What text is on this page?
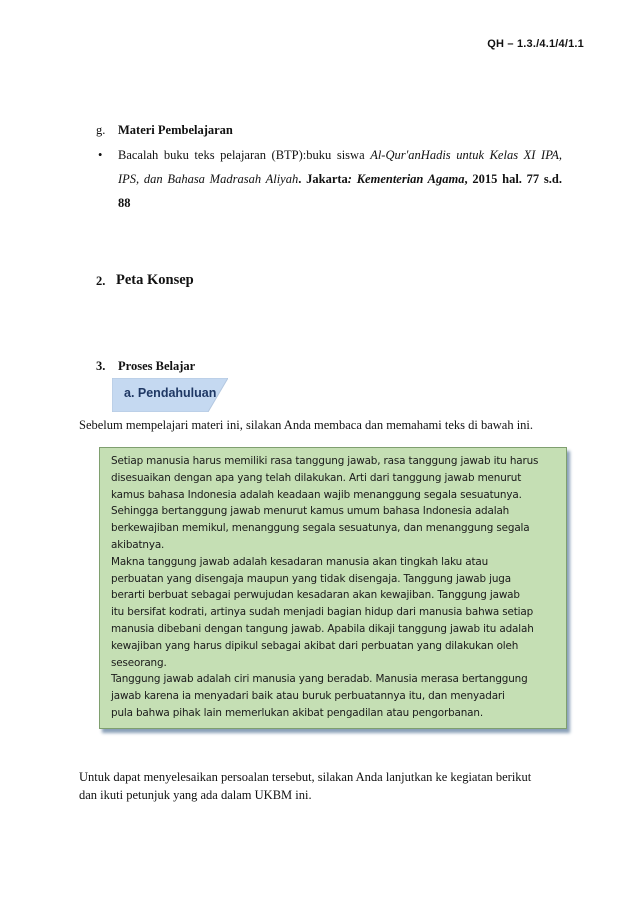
QH – 1.3./4.1/4/1.1
g. Materi Pembelajaran
• Bacalah buku teks pelajaran (BTP):buku siswa Al-Qur'anHadis untuk Kelas XI IPA,
IPS, dan Bahasa Madrasah Aliyah. Jakarta: Kementerian Agama, 2015 hal. 77 s.d.
88
2. Peta Konsep
3. Proses Belajar
a. Pendahuluan
Sebelum mempelajari materi ini, silakan Anda membaca dan memahami teks di bawah ini.
Setiap manusia harus memiliki rasa tanggung jawab, rasa tanggung jawab itu harus
disesuaikan dengan apa yang telah dilakukan. Arti dari tanggung jawab menurut
kamus bahasa Indonesia adalah keadaan wajib menanggung segala sesuatunya.
Sehingga bertanggung jawab menurut kamus umum bahasa Indonesia adalah
berkewajiban memikul, menanggung segala sesuatunya, dan menanggung segala
akibatnya.
Makna tanggung jawab adalah kesadaran manusia akan tingkah laku atau
perbuatan yang disengaja maupun yang tidak disengaja. Tanggung jawab juga
berarti berbuat sebagai perwujudan kesadaran akan kewajiban. Tanggung jawab
itu bersifat kodrati, artinya sudah menjadi bagian hidup dari manusia bahwa setiap
manusia dibebani dengan tangung jawab. Apabila dikaji tanggung jawab itu adalah
kewajiban yang harus dipikul sebagai akibat dari perbuatan yang dilakukan oleh
seseorang.
Tanggung jawab adalah ciri manusia yang beradab. Manusia merasa bertanggung
jawab karena ia menyadari baik atau buruk perbuatannya itu, dan menyadari
pula bahwa pihak lain memerlukan akibat pengadilan atau pengorbanan.
Untuk dapat menyelesaikan persoalan tersebut, silakan Anda lanjutkan ke kegiatan berikut
dan ikuti petunjuk yang ada dalam UKBM ini.
